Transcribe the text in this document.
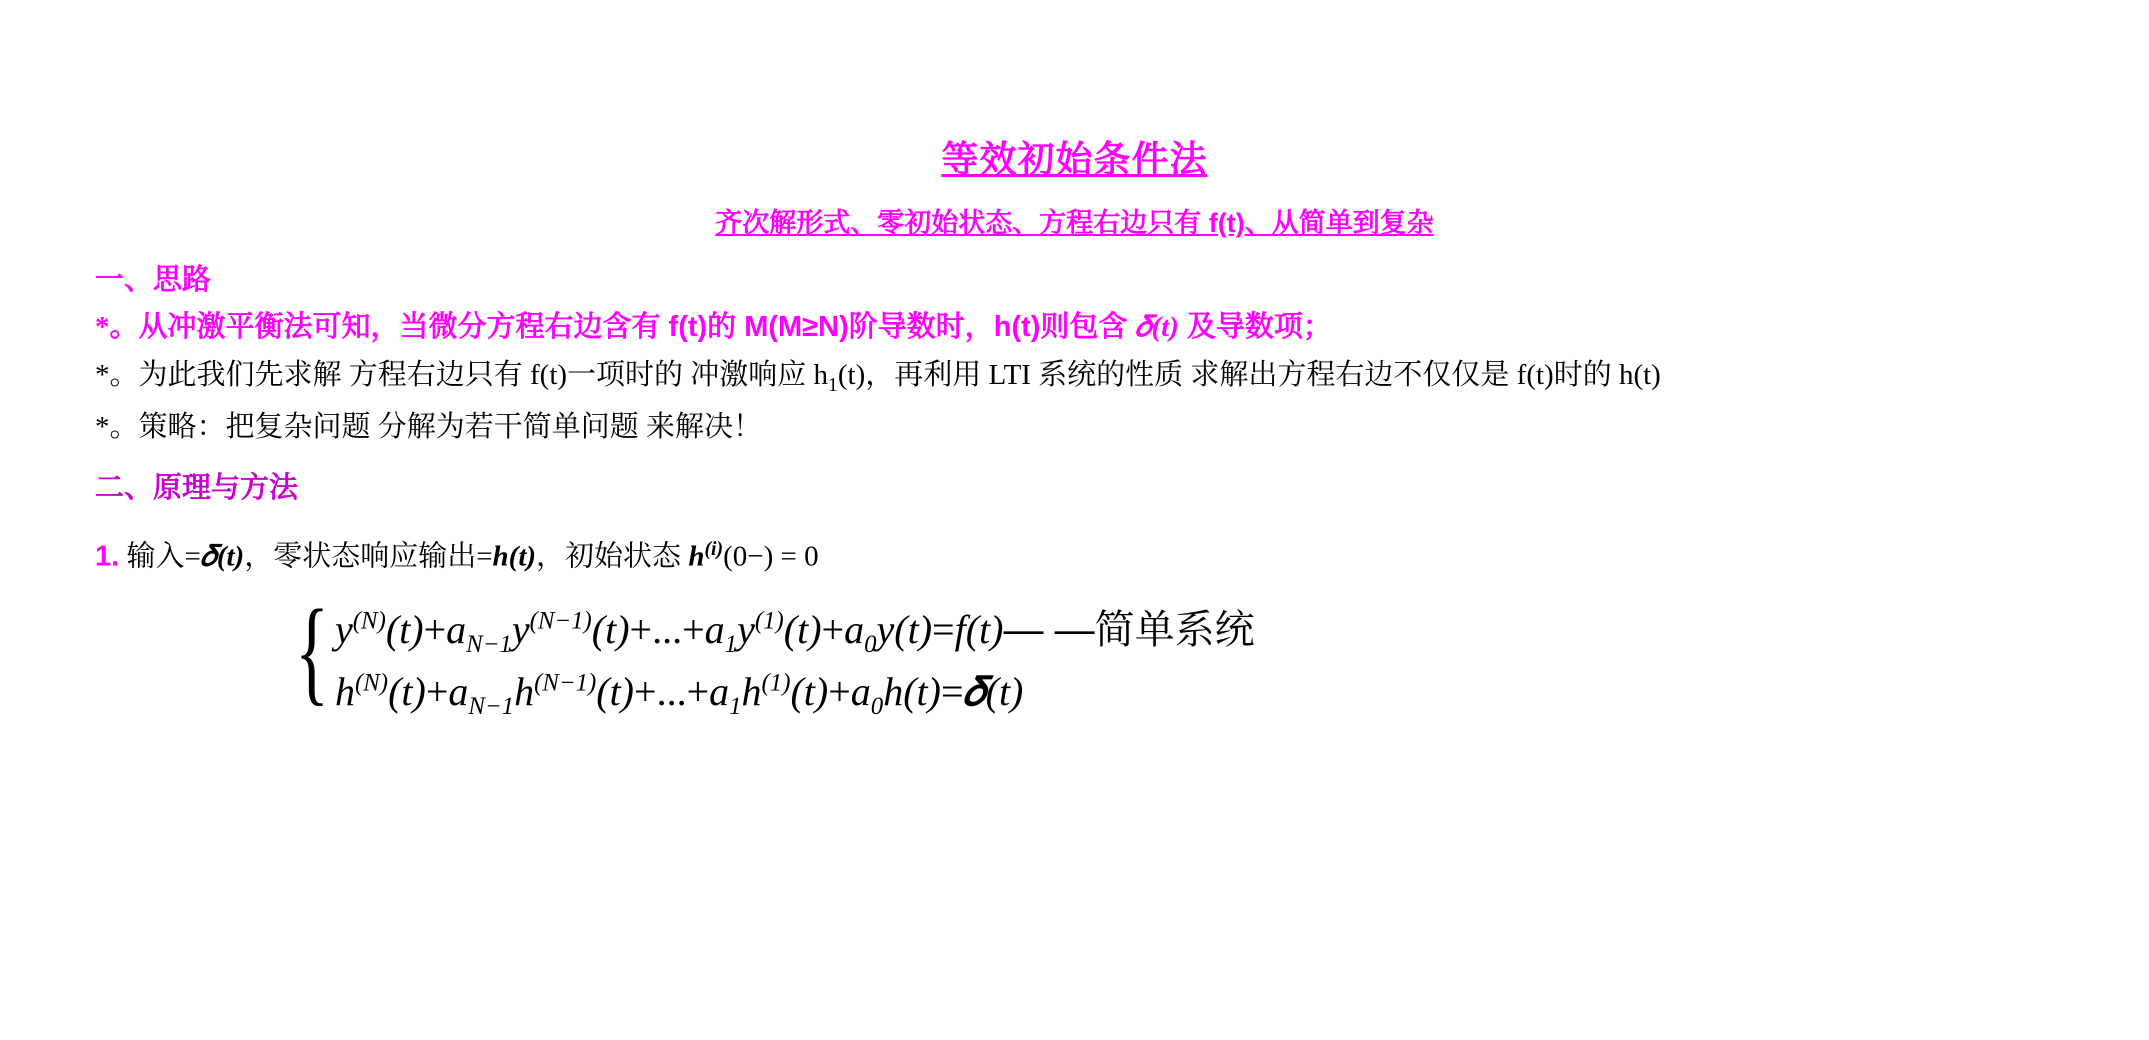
等效初始条件法
齐次解形式、零初始状态、方程右边只有 f(t)、从简单到复杂
一、思路
*。从冲激平衡法可知，当微分方程右边含有 f(t)的 M(M≥N)阶导数时，h(t)则包含 𝛿(t) 及导数项；
*。为此我们先求解 方程右边只有 f(t)一项时的 冲激响应 $h_1(t)$，再利用 LTI 系统的性质 求解出方程右边不仅仅是 f(t)时的 h(t)
*。策略：把复杂问题 分解为若干简单问题 来解决！
二、原理与方法
1. 输入=𝛿(t)，零状态响应输出=h(t)，初始状态 $h^{(i)}(0-) = 0$
{ $y^{(N)}(t)+a_{N-1}y^{(N-1)}(t)+...+a_1y^{(1)}(t)+a_0y(t)=f(t)—$ —简单系统
$h^{(N)}(t)+a_{N-1}h^{(N-1)}(t)+...+a_1h^{(1)}(t)+a_0h(t)=𝛿(t)$
